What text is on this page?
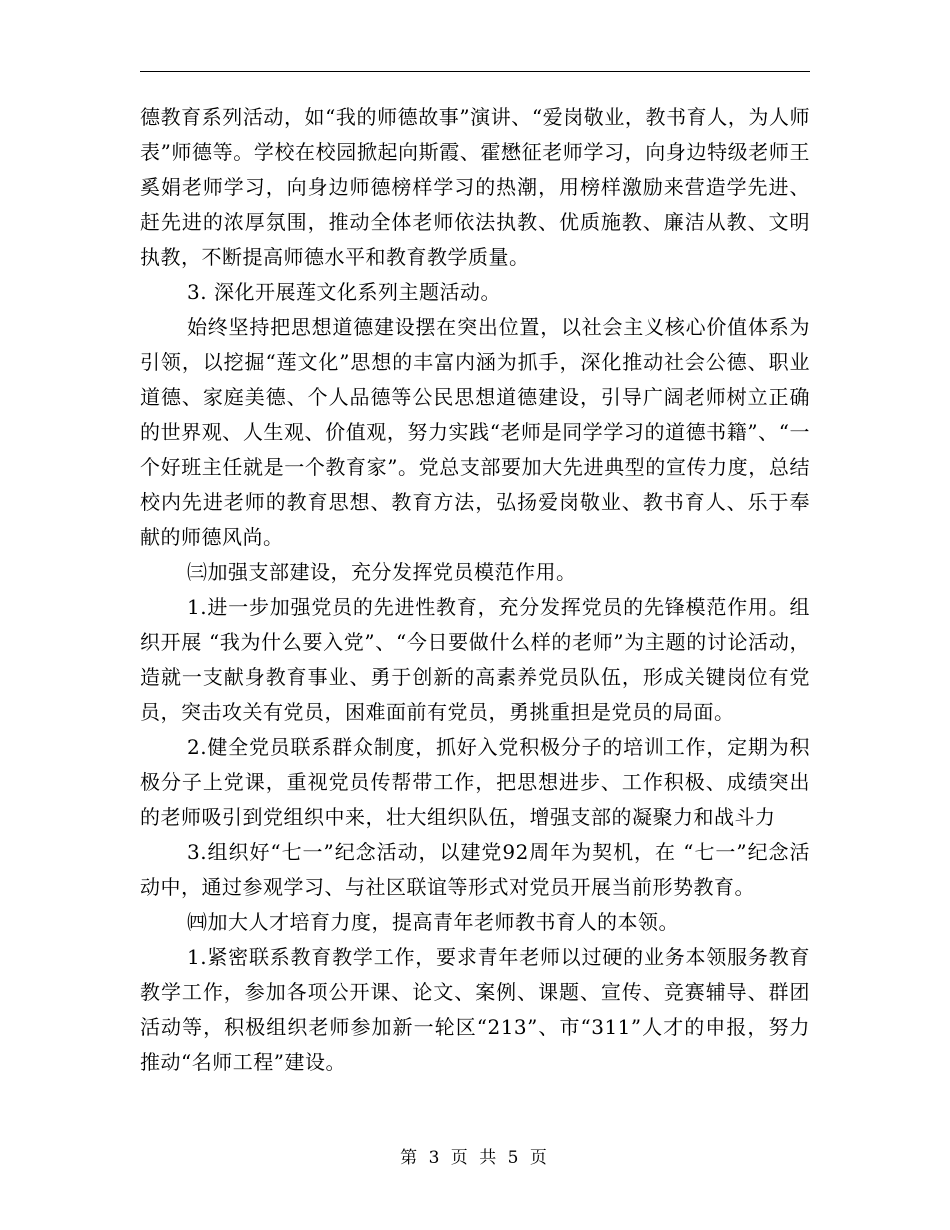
德教育系列活动，如“我的师德故事”演讲、“爱岗敬业，教书育人，为人师表”师德等。学校在校园掀起向斯霞、霍懋征老师学习，向身边特级老师王奚娟老师学习，向身边师德榜样学习的热潮，用榜样激励来营造学先进、赶先进的浓厚氛围，推动全体老师依法执教、优质施教、廉洁从教、文明执教，不断提高师德水平和教育教学质量。

3. 深化开展莲文化系列主题活动。

始终坚持把思想道德建设摆在突出位置，以社会主义核心价值体系为引领，以挖掘“莲文化”思想的丰富内涵为抓手，深化推动社会公德、职业道德、家庭美德、个人品德等公民思想道德建设，引导广阔老师树立正确的世界观、人生观、价值观，努力实践“老师是同学学习的道德书籍”、“一个好班主任就是一个教育家”。党总支部要加大先进典型的宣传力度，总结校内先进老师的教育思想、教育方法，弘扬爱岗敬业、教书育人、乐于奉献的师德风尚。

㈢加强支部建设，充分发挥党员模范作用。

1.进一步加强党员的先进性教育，充分发挥党员的先锋模范作用。组织开展 “我为什么要入党”、“今日要做什么样的老师”为主题的讨论活动，造就一支献身教育事业、勇于创新的高素养党员队伍，形成关键岗位有党员，突击攻关有党员，困难面前有党员，勇挑重担是党员的局面。

2.健全党员联系群众制度，抓好入党积极分子的培训工作，定期为积极分子上党课，重视党员传帮带工作，把思想进步、工作积极、成绩突出的老师吸引到党组织中来，壮大组织队伍，增强支部的凝聚力和战斗力

3.组织好“七一”纪念活动，以建党92周年为契机，在 “七一”纪念活动中，通过参观学习、与社区联谊等形式对党员开展当前形势教育。

㈣加大人才培育力度，提高青年老师教书育人的本领。

1.紧密联系教育教学工作，要求青年老师以过硬的业务本领服务教育教学工作，参加各项公开课、论文、案例、课题、宣传、竞赛辅导、群团活动等，积极组织老师参加新一轮区“213”、市“311”人才的申报，努力推动“名师工程”建设。

第 3 页 共 5 页
